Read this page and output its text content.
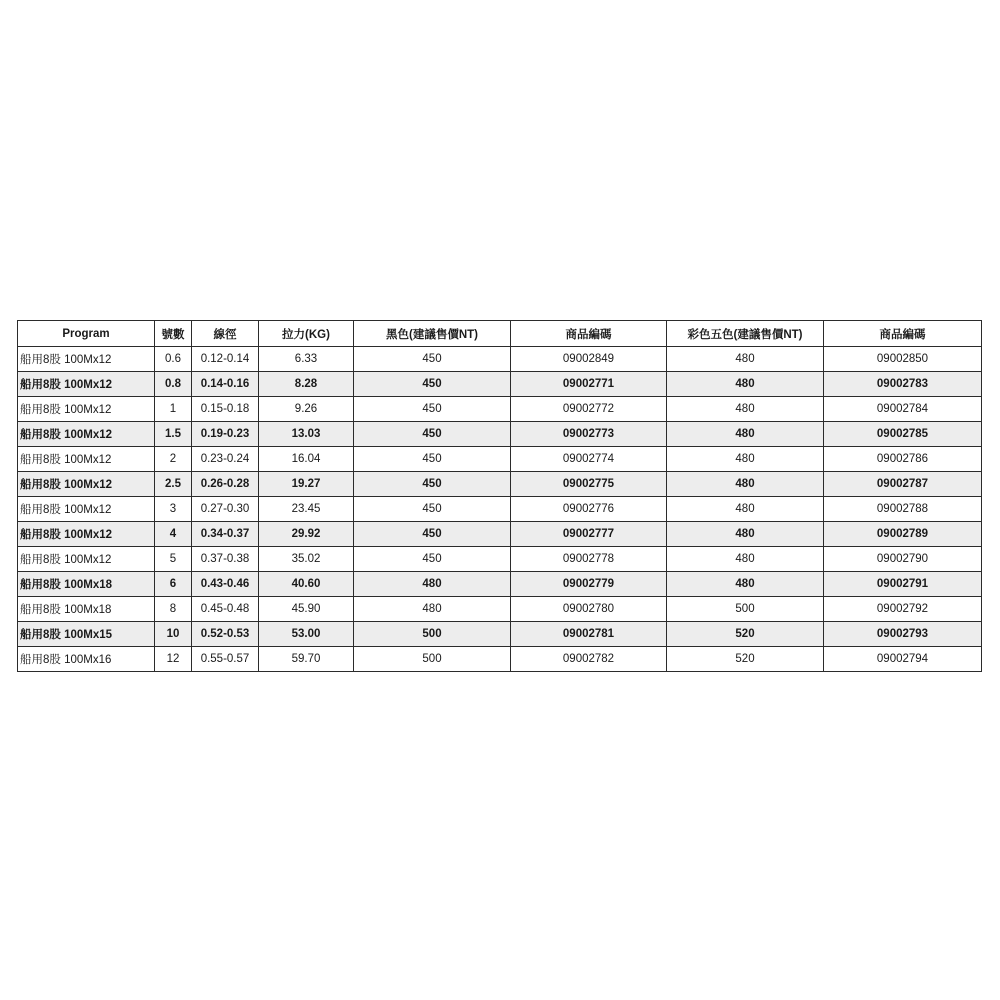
Program	號數	線徑	拉力(KG)	黑色(建議售價NT)	商品編碼	彩色五色(建議售價NT)	商品編碼
船用8股 100Mx12	0.6	0.12-0.14	6.33	450	09002849	480	09002850
船用8股 100Mx12	0.8	0.14-0.16	8.28	450	09002771	480	09002783
船用8股 100Mx12	1	0.15-0.18	9.26	450	09002772	480	09002784
船用8股 100Mx12	1.5	0.19-0.23	13.03	450	09002773	480	09002785
船用8股 100Mx12	2	0.23-0.24	16.04	450	09002774	480	09002786
船用8股 100Mx12	2.5	0.26-0.28	19.27	450	09002775	480	09002787
船用8股 100Mx12	3	0.27-0.30	23.45	450	09002776	480	09002788
船用8股 100Mx12	4	0.34-0.37	29.92	450	09002777	480	09002789
船用8股 100Mx12	5	0.37-0.38	35.02	450	09002778	480	09002790
船用8股 100Mx18	6	0.43-0.46	40.60	480	09002779	480	09002791
船用8股 100Mx18	8	0.45-0.48	45.90	480	09002780	500	09002792
船用8股 100Mx15	10	0.52-0.53	53.00	500	09002781	520	09002793
船用8股 100Mx16	12	0.55-0.57	59.70	500	09002782	520	09002794
